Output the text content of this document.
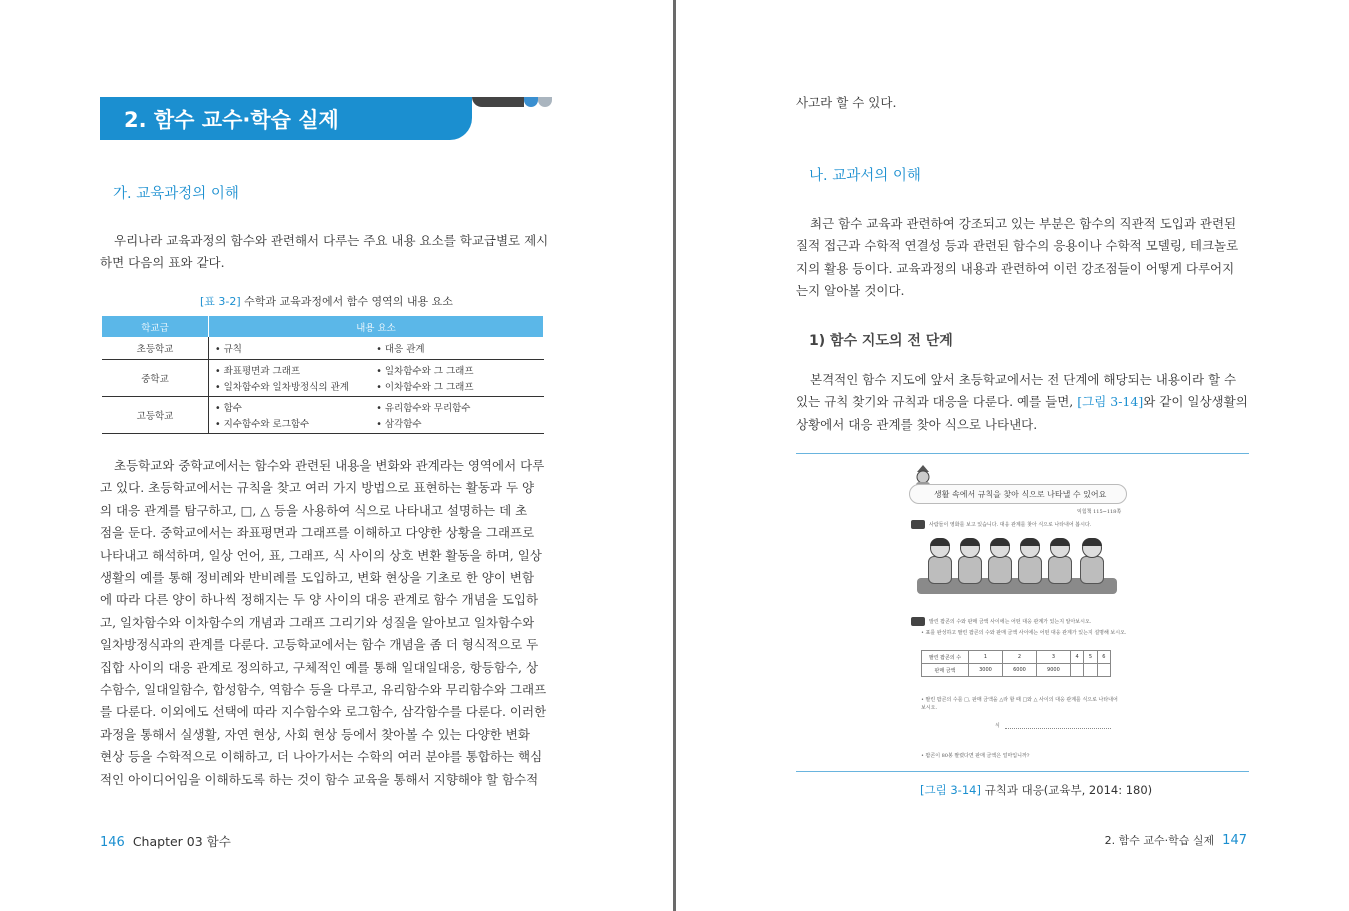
2. 함수 교수·학습 실제
가. 교육과정의 이해
우리나라 교육과정의 함수와 관련해서 다루는 주요 내용 요소를 학교급별로 제시
하면 다음의 표와 같다.
[표 3-2] 수학과 교육과정에서 함수 영역의 내용 요소
학교급	내용 요소
초등학교	• 규칙 • 대응 관계

중학교	• 좌표평면과 그래프 • 일차함수와 그 그래프
• 일차함수와 일차방정식의 관계 • 이차함수와 그 그래프

고등학교	• 함수 • 유리함수와 무리함수
• 지수함수와 로그함수 • 삼각함수
초등학교와 중학교에서는 함수와 관련된 내용을 변화와 관계라는 영역에서 다루
고 있다. 초등학교에서는 규칙을 찾고 여러 가지 방법으로 표현하는 활동과 두 양
의 대응 관계를 탐구하고, □, △ 등을 사용하여 식으로 나타내고 설명하는 데 초
점을 둔다. 중학교에서는 좌표평면과 그래프를 이해하고 다양한 상황을 그래프로
나타내고 해석하며, 일상 언어, 표, 그래프, 식 사이의 상호 변환 활동을 하며, 일상
생활의 예를 통해 정비례와 반비례를 도입하고, 변화 현상을 기초로 한 양이 변함
에 따라 다른 양이 하나씩 정해지는 두 양 사이의 대응 관계로 함수 개념을 도입하
고, 일차함수와 이차함수의 개념과 그래프 그리기와 성질을 알아보고 일차함수와
일차방정식과의 관계를 다룬다. 고등학교에서는 함수 개념을 좀 더 형식적으로 두
집합 사이의 대응 관계로 정의하고, 구체적인 예를 통해 일대일대응, 항등함수, 상
수함수, 일대일함수, 합성함수, 역함수 등을 다루고, 유리함수와 무리함수와 그래프
를 다룬다. 이외에도 선택에 따라 지수함수와 로그함수, 삼각함수를 다룬다. 이러한
과정을 통해서 실생활, 자연 현상, 사회 현상 등에서 찾아볼 수 있는 다양한 변화
현상 등을 수학적으로 이해하고, 더 나아가서는 수학의 여러 분야를 통합하는 핵심
적인 아이디어임을 이해하도록 하는 것이 함수 교육을 통해서 지향해야 할 함수적
146 Chapter 03 함수
사고라 할 수 있다.
나. 교과서의 이해
최근 함수 교육과 관련하여 강조되고 있는 부분은 함수의 직관적 도입과 관련된
질적 접근과 수학적 연결성 등과 관련된 함수의 응용이나 수학적 모델링, 테크놀로
지의 활용 등이다. 교육과정의 내용과 관련하여 이런 강조점들이 어떻게 다루어지
는지 알아볼 것이다.
1) 함수 지도의 전 단계
본격적인 함수 지도에 앞서 초등학교에서는 전 단계에 해당되는 내용이라 할 수
있는 규칙 찾기와 규칙과 대응을 다룬다. 예를 들면, [그림 3-14]와 같이 일상생활의
상황에서 대응 관계를 찾아 식으로 나타낸다.
생활 속에서 규칙을 찾아 식으로 나타낼 수 있어요
익힘책 115~118쪽
사람들이 영화를 보고 있습니다. 대응 관계를 찾아 식으로 나타내어 봅시다.
발린 팝콘의 수와 판매 금액 사이에는 어떤 대응 관계가 있는지 알아보시오.
• 표를 완성하고 팔린 팝콘의 수와 판매 금액 사이에는 어떤 대응 관계가 있는지 설명해 보시오.
팔린 팝콘의 수	1	2	3	4	5	6
판매 금액	3000	6000	9000			
• 팔린 팝콘의 수를 □, 판매 금액을 △라 할 때 □와 △ 사이의 대응 관계를 식으로 나타내어 보시오.
식
• 팝콘이 80봉 팔렸다면 판매 금액은 얼마입니까?
[그림 3-14] 규칙과 대응(교육부, 2014: 180)
2. 함수 교수·학습 실제 147
